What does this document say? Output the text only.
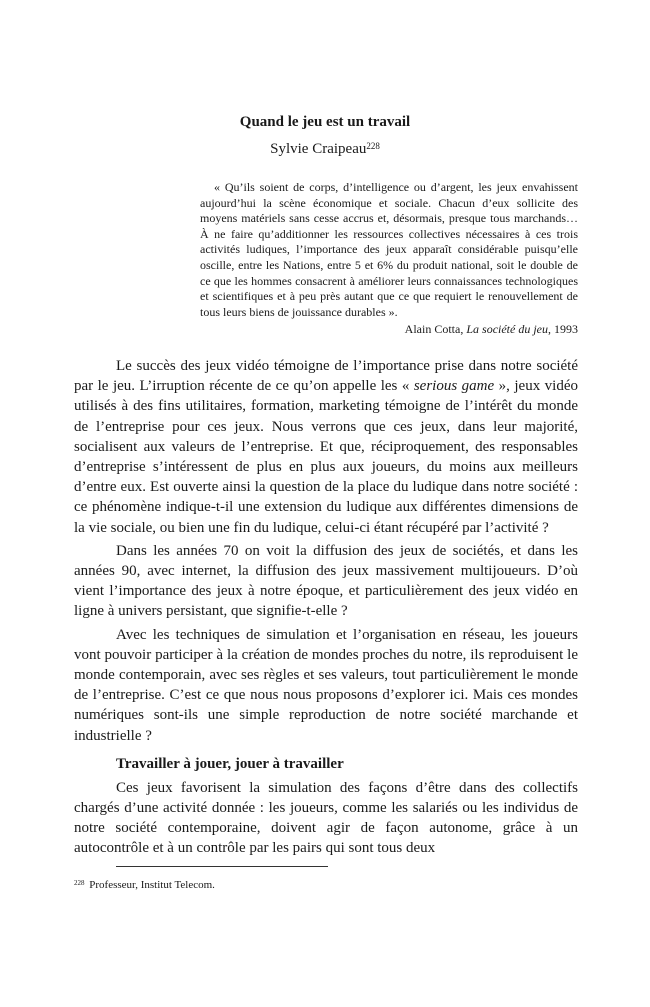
Quand le jeu est un travail
Sylvie Craipeau$^{228}$

« Qu’ils soient de corps, d’intelligence ou d’argent, les jeux envahissent aujourd’hui la scène économique et sociale. Chacun d’eux sollicite des moyens matériels sans cesse accrus et, désormais, presque tous marchands… À ne faire qu’additionner les ressources collectives nécessaires à ces trois activités ludiques, l’importance des jeux apparaît considérable puisqu’elle oscille, entre les Nations, entre 5 et 6% du produit national, soit le double de ce que les hommes consacrent à améliorer leurs connaissances technologiques et scientifiques et à peu près autant que ce que requiert le renouvellement de tous leurs biens de jouissance durables ».

Alain Cotta, La société du jeu, 1993

Le succès des jeux vidéo témoigne de l’importance prise dans notre société par le jeu. L’irruption récente de ce qu’on appelle les « serious game », jeux vidéo utilisés à des fins utilitaires, formation, marketing témoigne de l’intérêt du monde de l’entreprise pour ces jeux. Nous verrons que ces jeux, dans leur majorité, socialisent aux valeurs de l’entreprise. Et que, réciproquement, des responsables d’entreprise s’intéressent de plus en plus aux joueurs, du moins aux meilleurs d’entre eux. Est ouverte ainsi la question de la place du ludique dans notre société : ce phénomène indique-t-il une extension du ludique aux différentes dimensions de la vie sociale, ou bien une fin du ludique, celui-ci étant récupéré par l’activité ?

Dans les années 70 on voit la diffusion des jeux de sociétés, et dans les années 90, avec internet, la diffusion des jeux massivement multijoueurs. D’où vient l’importance des jeux à notre époque, et particulièrement des jeux vidéo en ligne à univers persistant, que signifie-t-elle ?

Avec les techniques de simulation et l’organisation en réseau, les joueurs vont pouvoir participer à la création de mondes proches du notre, ils reproduisent le monde contemporain, avec ses règles et ses valeurs, tout particulièrement le monde de l’entreprise. C’est ce que nous nous proposons d’explorer ici. Mais ces mondes numériques sont-ils une simple reproduction de notre société marchande et industrielle ?

Travailler à jouer, jouer à travailler

Ces jeux favorisent la simulation des façons d’être dans des collectifs chargés d’une activité donnée : les joueurs, comme les salariés ou les individus de notre société contemporaine, doivent agir de façon autonome, grâce à un autocontrôle et à un contrôle par les pairs qui sont tous deux

$^{228}$ Professeur, Institut Telecom.
